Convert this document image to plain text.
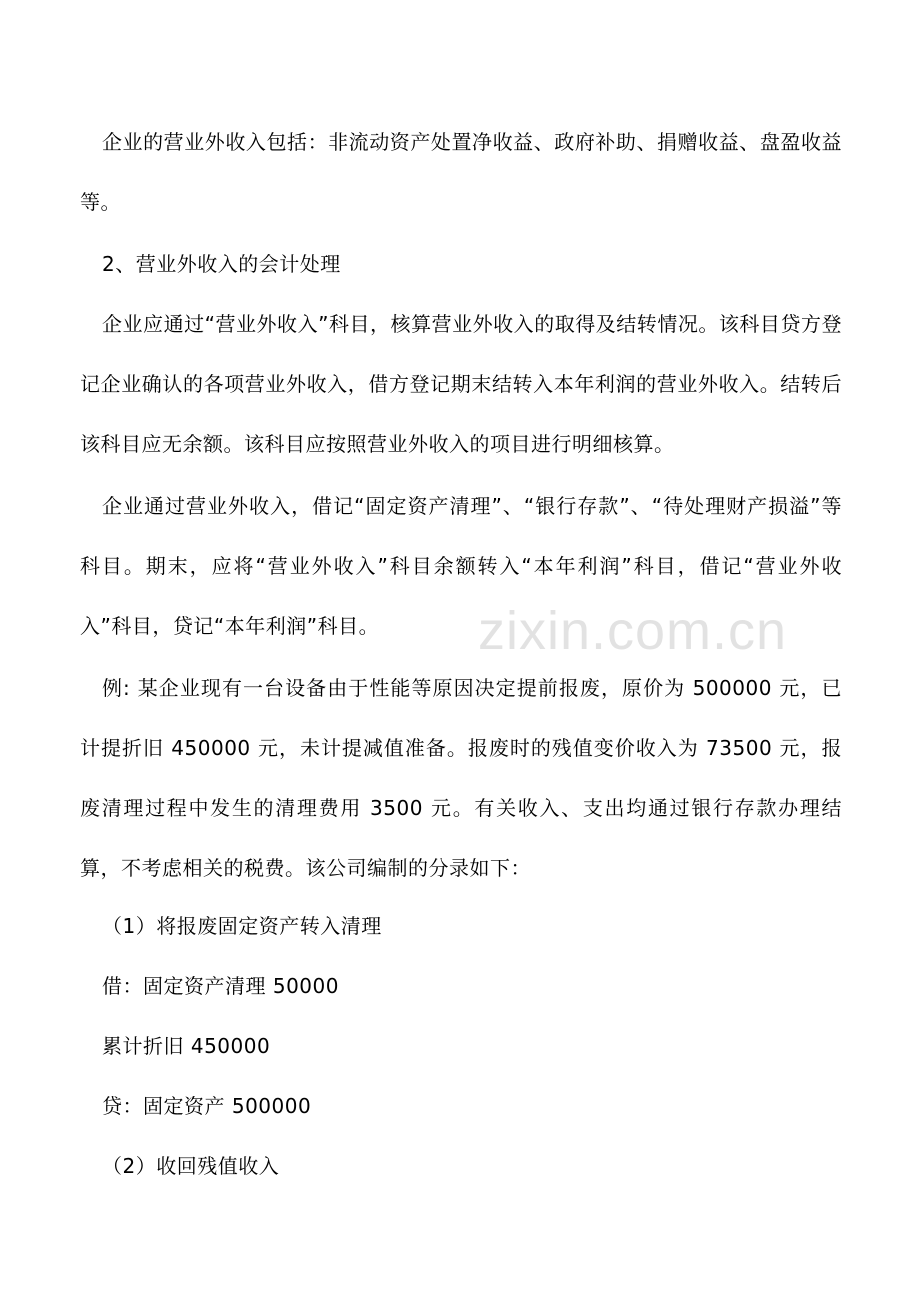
企业的营业外收入包括：非流动资产处置净收益、政府补助、捐赠收益、盘盈收益等。

2、营业外收入的会计处理

企业应通过“营业外收入”科目，核算营业外收入的取得及结转情况。该科目贷方登记企业确认的各项营业外收入，借方登记期末结转入本年利润的营业外收入。结转后该科目应无余额。该科目应按照营业外收入的项目进行明细核算。

企业通过营业外收入，借记“固定资产清理”、“银行存款”、“待处理财产损溢”等科目。期末，应将“营业外收入”科目余额转入“本年利润”科目，借记“营业外收入”科目，贷记“本年利润”科目。

例: 某企业现有一台设备由于性能等原因决定提前报废，原价为 500000 元，已计提折旧 450000 元，未计提减值准备。报废时的残值变价收入为 73500 元，报废清理过程中发生的清理费用 3500 元。有关收入、支出均通过银行存款办理结算，不考虑相关的税费。该公司编制的分录如下：

（1）将报废固定资产转入清理

借：固定资产清理 50000

累计折旧 450000

贷：固定资产 500000

（2）收回残值收入

zixin.com.cn
